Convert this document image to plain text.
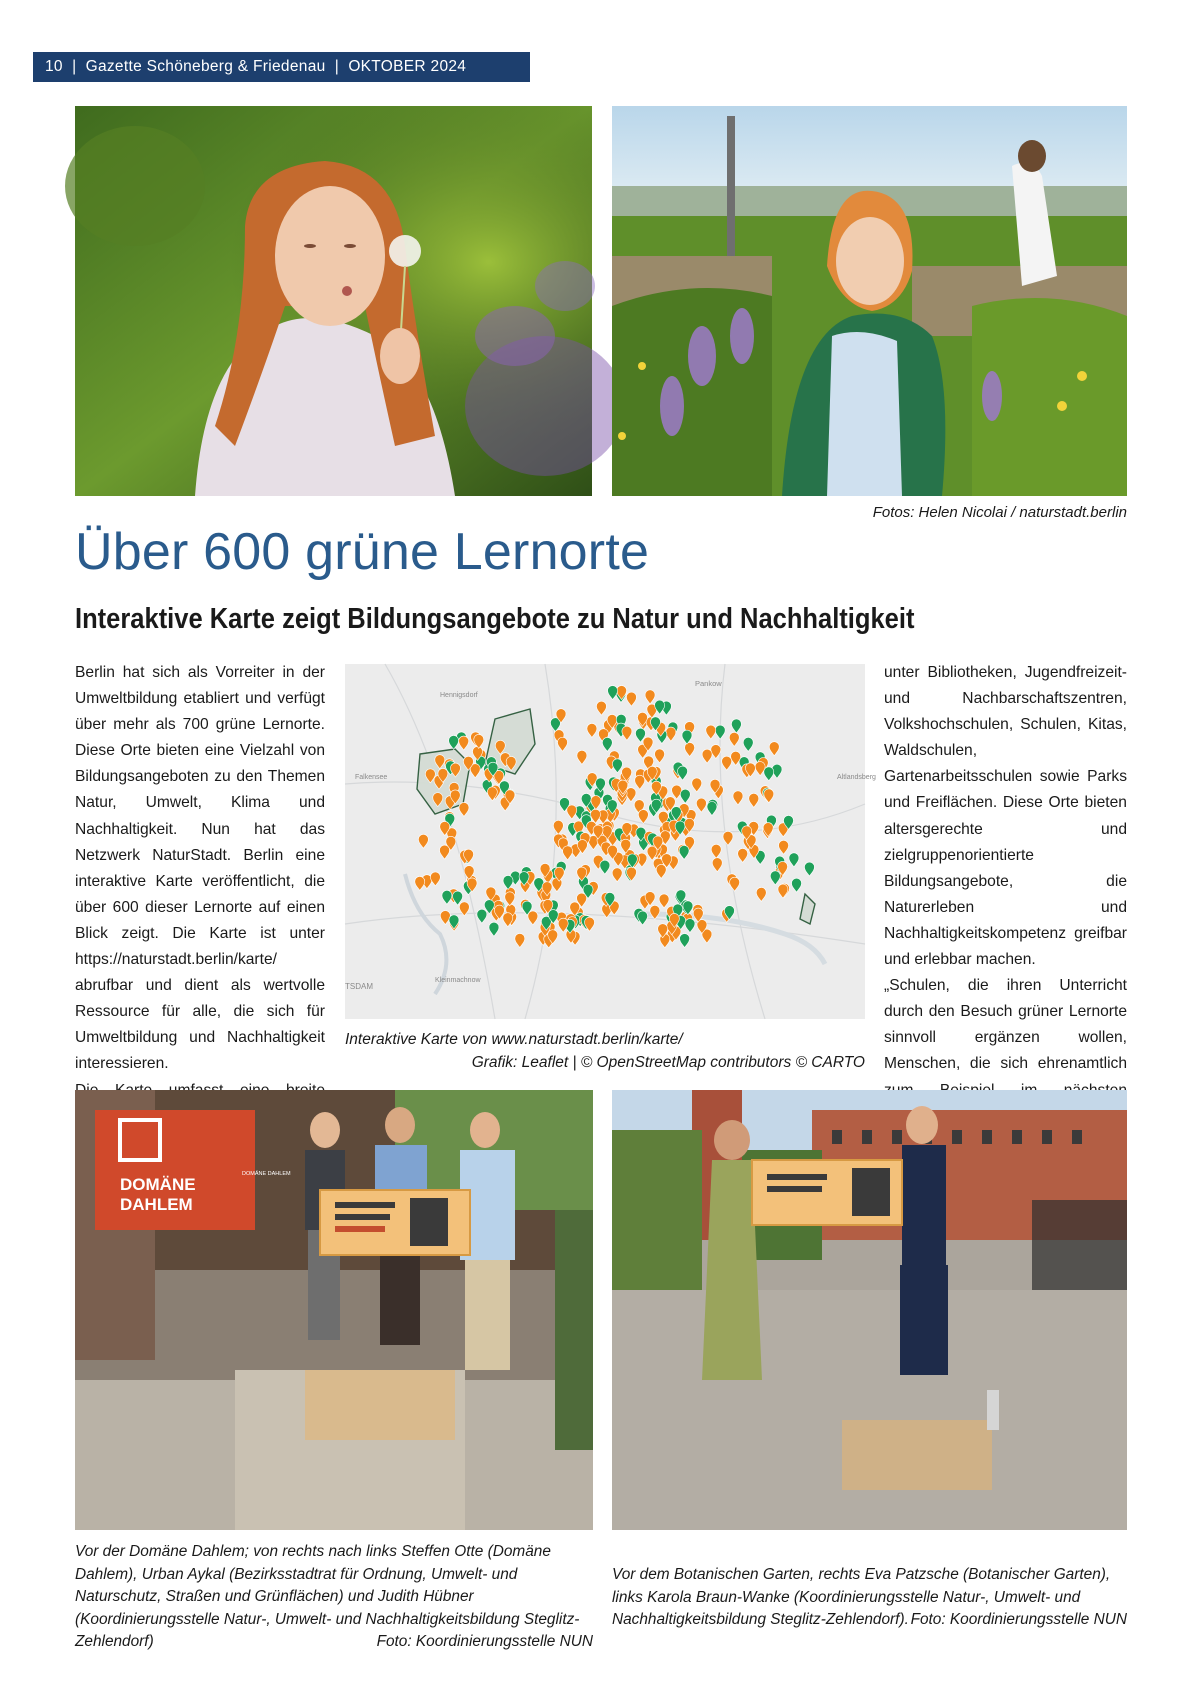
10
|
Gazette Schöneberg & Friedenau
|
OKTOBER 2024
Fotos: Helen Nicolai / naturstadt.berlin
Über 600 grüne Lernorte
Interaktive Karte zeigt Bildungsangebote zu Natur und Nachhaltigkeit

Berlin hat sich als Vorreiter in der Umweltbildung etabliert und verfügt über mehr als 700 grüne Lernorte. Diese Orte bieten eine Vielzahl von Bildungsangeboten zu den Themen Natur, Umwelt, Klima und Nachhaltigkeit. Nun hat das Netzwerk NaturStadt. Berlin eine interaktive Karte veröffentlicht, die über 600 dieser Lernorte auf einen Blick zeigt. Die Karte ist unter https://naturstadt.berlin/karte/ abrufbar und dient als wertvolle Ressource für alle, die sich für Umweltbildung und Nachhaltigkeit interessieren.

Pankow
Hennigsdorf
Falkensee	Altlandsberg
Kleinmachnow
TSDAM
Interaktive Karte von www.naturstadt.berlin/karte/
Grafik: Leaflet | © OpenStreetMap contributors © CARTO

unter Bibliotheken, Jugendfreizeit- und Nachbarschaftszentren, Volkshochschulen, Schulen, Kitas, Waldschulen, Gartenarbeitsschulen sowie Parks und Freiflächen. Diese Orte bieten altersgerechte und zielgruppenorientierte Bildungsangebote, die Naturerleben und Nachhaltigkeitskompetenz greifbar und erlebbar machen.

„Schulen, die ihren Unterricht durch den Besuch grüner Lernorte sinnvoll ergänzen wollen, Menschen, die sich ehrenamtlich

DOMÄNE
DAHLEM
DOMÄNE DAHLEM
Vor der Domäne Dahlem; von rechts nach links Steffen Otte (Domäne Dahlem), Urban Aykal (Bezirksstadtrat für Ordnung, Umwelt- und Naturschutz, Straßen und Grünflächen) und Judith Hübner (Koordinierungsstelle Natur-, Umwelt- und Nachhaltigkeitsbildung Steglitz-Zehlendorf)	Foto: Koordinierungsstelle NUN
Vor dem Botanischen Garten, rechts Eva Patzsche (Botanischer Garten), links Karola Braun-Wanke (Koordinierungsstelle Natur-, Umwelt- und Nachhaltigkeitsbildung Steglitz-Zehlendorf). Foto: Koordinierungsstelle NUN
